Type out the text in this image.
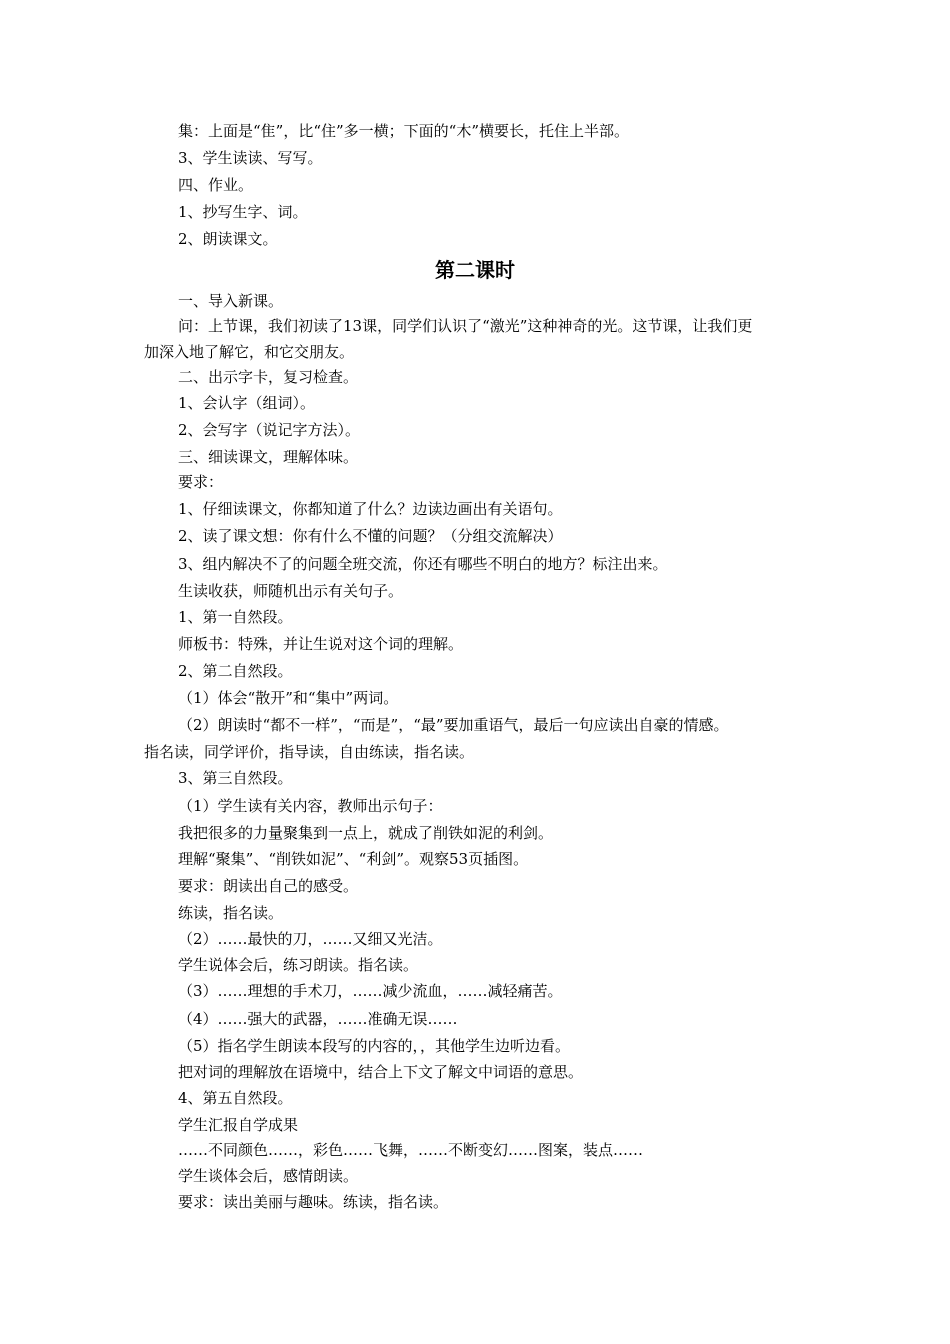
集：上面是“隹”，比“住”多一横；下面的“木”横要长，托住上半部。
3、学生读读、写写。
四、作业。
1、抄写生字、词。
2、朗读课文。
第二课时
一、导入新课。
问：上节课，我们初读了13课，同学们认识了“激光”这种神奇的光。这节课，让我们更
加深入地了解它，和它交朋友。
二、出示字卡，复习检查。
1、会认字（组词）。
2、会写字（说记字方法）。
三、细读课文，理解体味。
要求：
1、仔细读课文，你都知道了什么？边读边画出有关语句。
2、读了课文想：你有什么不懂的问题？（分组交流解决）
3、组内解决不了的问题全班交流，你还有哪些不明白的地方？标注出来。
生读收获，师随机出示有关句子。
1、第一自然段。
师板书：特殊，并让生说对这个词的理解。
2、第二自然段。
（1）体会“散开”和“集中”两词。
（2）朗读时“都不一样”，“而是”，“最”要加重语气，最后一句应读出自豪的情感。
指名读，同学评价，指导读，自由练读，指名读。
3、第三自然段。
（1）学生读有关内容，教师出示句子：
我把很多的力量聚集到一点上，就成了削铁如泥的利剑。
理解“聚集”、“削铁如泥”、“利剑”。观察53页插图。
要求：朗读出自己的感受。
练读，指名读。
（2）……最快的刀，……又细又光洁。
学生说体会后，练习朗读。指名读。
（3）……理想的手术刀，……减少流血，……减轻痛苦。
（4）……强大的武器，……准确无误……
（5）指名学生朗读本段写的内容的，，其他学生边听边看。
把对词的理解放在语境中，结合上下文了解文中词语的意思。
4、第五自然段。
学生汇报自学成果
……不同颜色……，彩色……飞舞，……不断变幻……图案，装点……
学生谈体会后，感情朗读。
要求：读出美丽与趣味。练读，指名读。
